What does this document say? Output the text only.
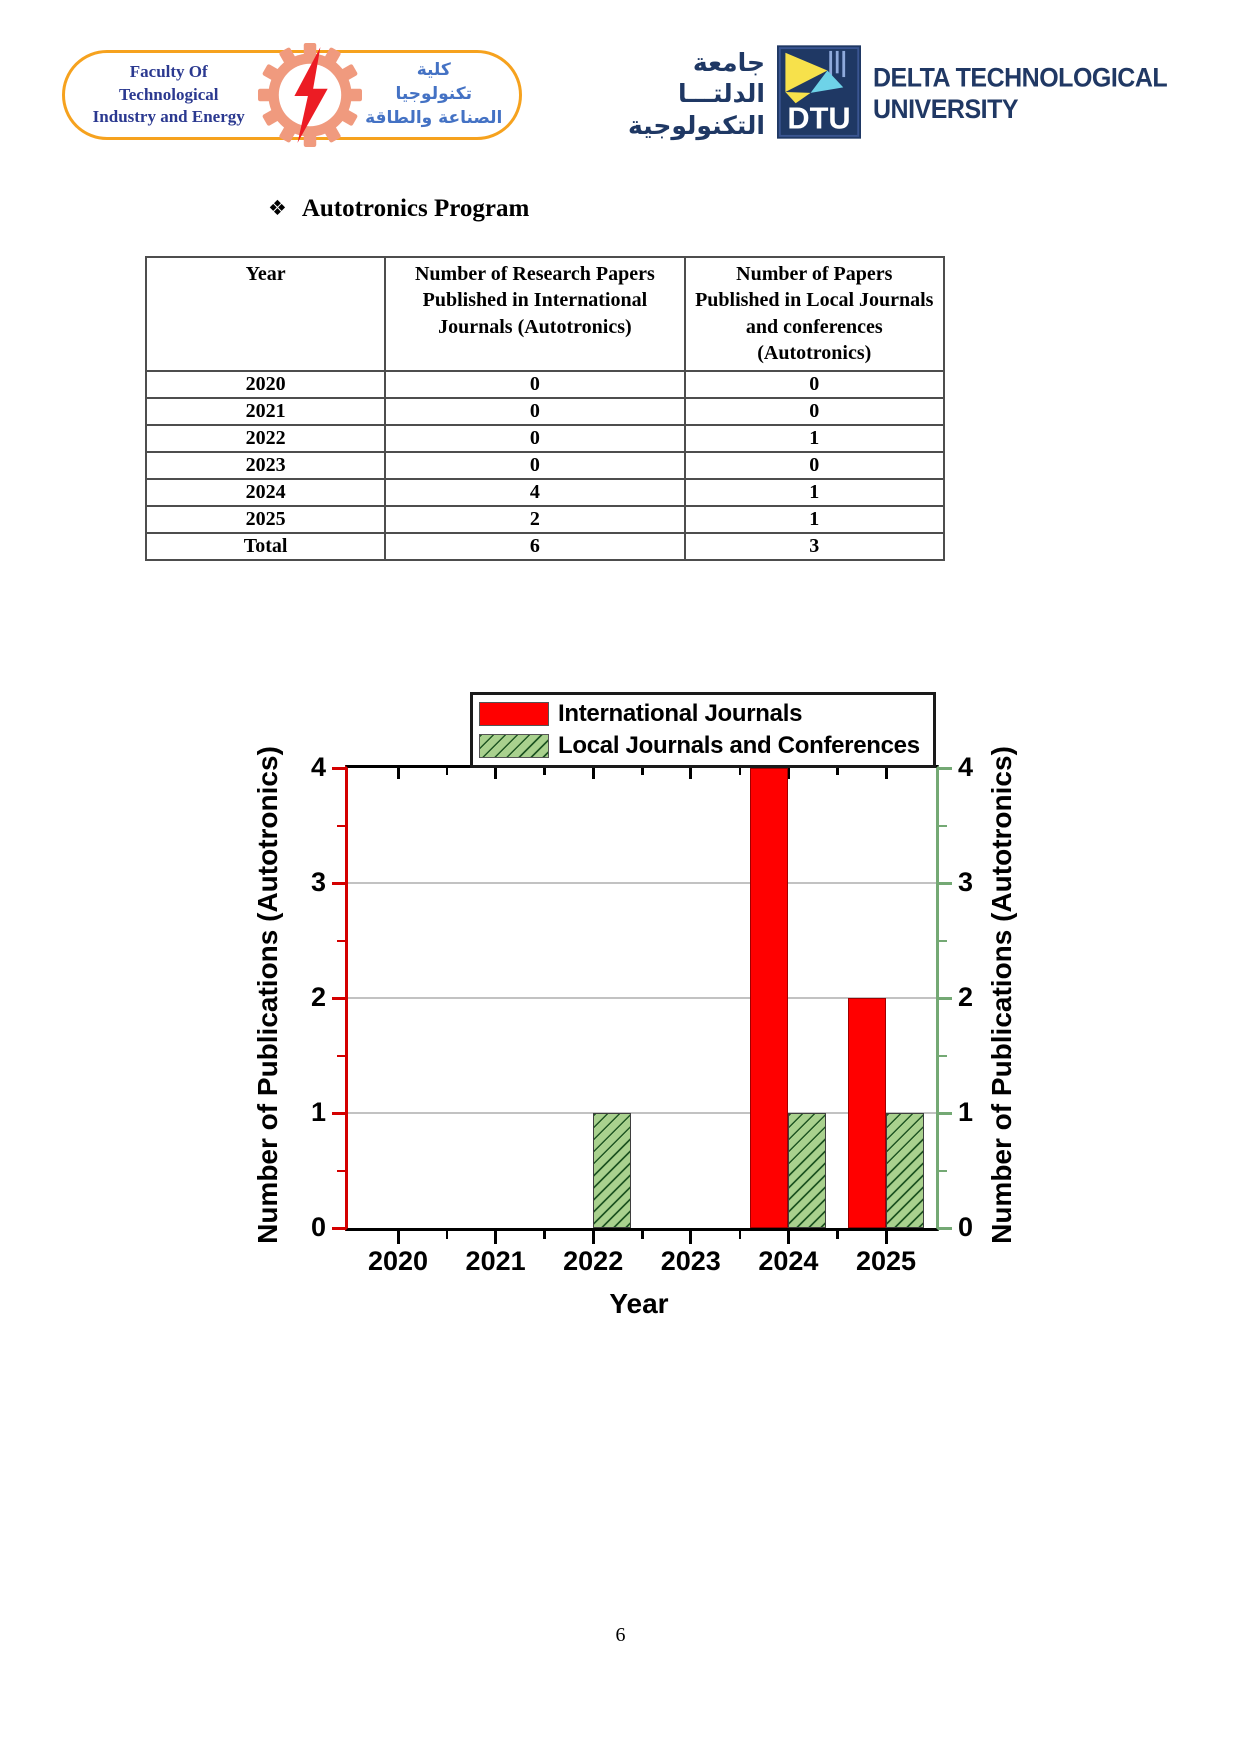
Faculty Of
Technological
Industry and Energy
كلية
تكنولوجيا
الصناعة والطاقة
جامعة الدلتـــا
التكنولوجية DTU
DELTA TECHNOLOGICAL
UNIVERSITY
❖ Autotronics Program
Year	Number of Research Papers Published in International Journals (Autotronics)	Number of Papers Published in Local Journals and conferences (Autotronics)
2020	0	0
2021	0	0
2022	0	1
2023	0	0
2024	4	1
2025	2	1
Total	6	3
Number of Publications (Autotronics)	Number of Publications (Autotronics)
0	0
1	1
2	2
3	3
4	4
2020	2021	2022	2023	2024	2025
International Journals
Local Journals and Conferences
Year
6
